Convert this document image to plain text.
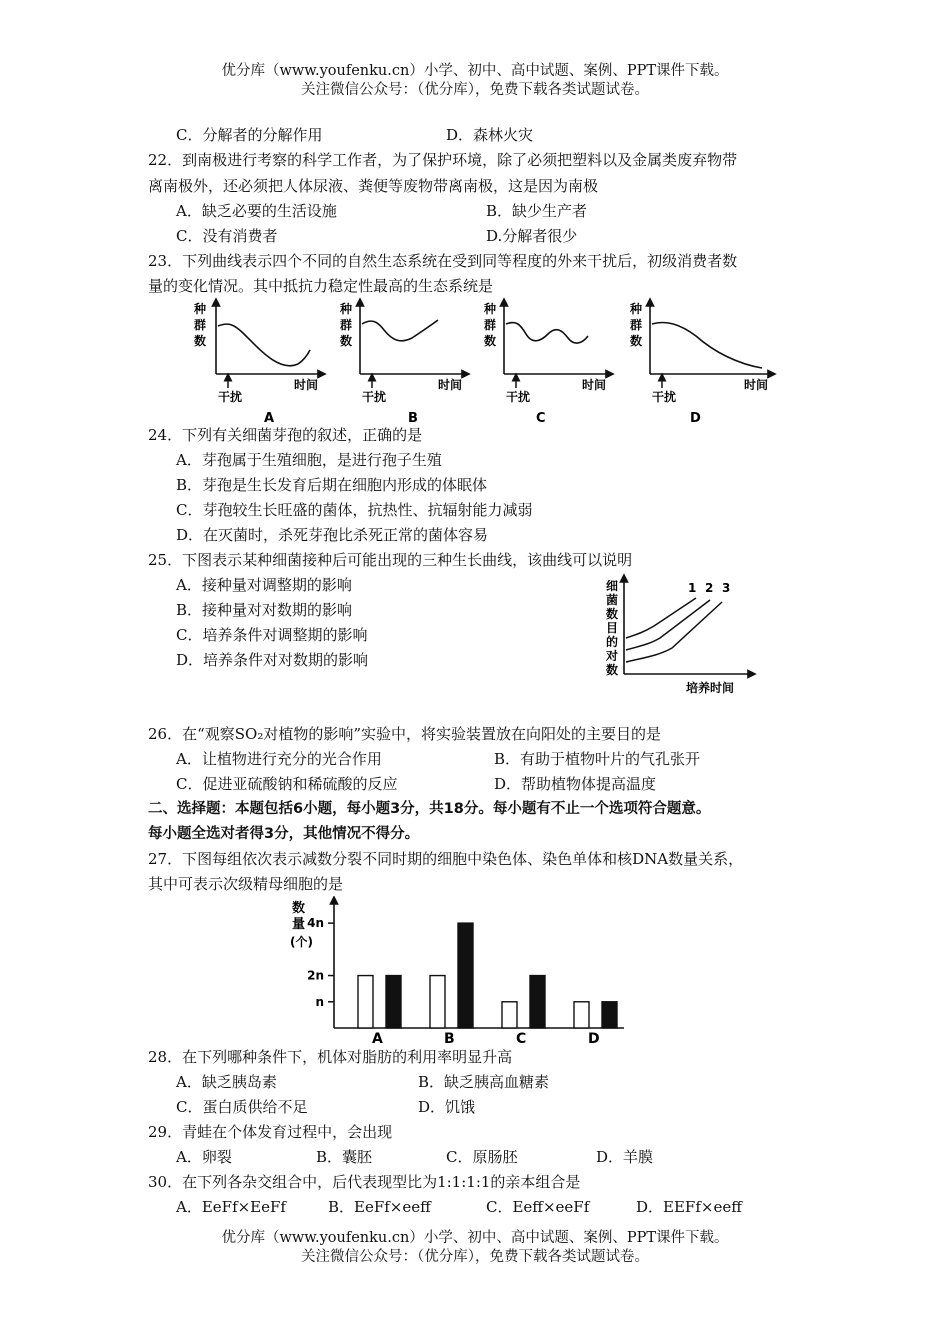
优分库（www.youfenku.cn）小学、初中、高中试题、案例、PPT课件下载。
关注微信公众号：（优分库），免费下载各类试题试卷。
C．分解者的分解作用	D．森林火灾
22．到南极进行考察的科学工作者，为了保护环境，除了必须把塑料以及金属类废弃物带
离南极外，还必须把人体尿液、粪便等废物带离南极，这是因为南极
A．缺乏必要的生活设施	B．缺少生产者
C．没有消费者	D.分解者很少
23．下列曲线表示四个不同的自然生态系统在受到同等程度的外来干扰后，初级消费者数
量的变化情况。其中抵抗力稳定性最高的生态系统是
种
群
数
干扰
时间
A
种
群
数
干扰
时间
B
种
群
数
干扰
时间
C
种
群
数
干扰
时间
D
24．下列有关细菌芽孢的叙述，正确的是
A．芽孢属于生殖细胞，是进行孢子生殖
B．芽孢是生长发育后期在细胞内形成的体眠体
C．芽孢较生长旺盛的菌体，抗热性、抗辐射能力减弱
D．在灭菌时，杀死芽孢比杀死正常的菌体容易
25．下图表示某种细菌接种后可能出现的三种生长曲线，该曲线可以说明
A．接种量对调整期的影响
B．接种量对对数期的影响
C．培养条件对调整期的影响
D．培养条件对对数期的影响
细
菌
数
目
的
对
数
1 2 3
培养时间
26．在“观察SO₂对植物的影响”实验中，将实验装置放在向阳处的主要目的是
A．让植物进行充分的光合作用	B．有助于植物叶片的气孔张开
C．促进亚硫酸钠和稀硫酸的反应	D．帮助植物体提高温度
二、选择题：本题包括6小题，每小题3分，共18分。每小题有不止一个选项符合题意。
每小题全选对者得3分，其他情况不得分。
27．下图每组依次表示减数分裂不同时期的细胞中染色体、染色单体和核DNA数量关系，
其中可表示次级精母细胞的是
数
量
(个)
4n
2n
n
A	B	C	D
28．在下列哪种条件下，机体对脂肪的利用率明显升高
A．缺乏胰岛素	B．缺乏胰高血糖素
C．蛋白质供给不足	D．饥饿
29．青蛙在个体发育过程中，会出现
A．卵裂	B．囊胚	C．原肠胚	D．羊膜
30．在下列各杂交组合中，后代表现型比为1:1:1:1的亲本组合是
A．EeFf×EeFf	B．EeFf×eeff	C．Eeff×eeFf	D．EEFf×eeff
优分库（www.youfenku.cn）小学、初中、高中试题、案例、PPT课件下载。
关注微信公众号：（优分库），免费下载各类试题试卷。
